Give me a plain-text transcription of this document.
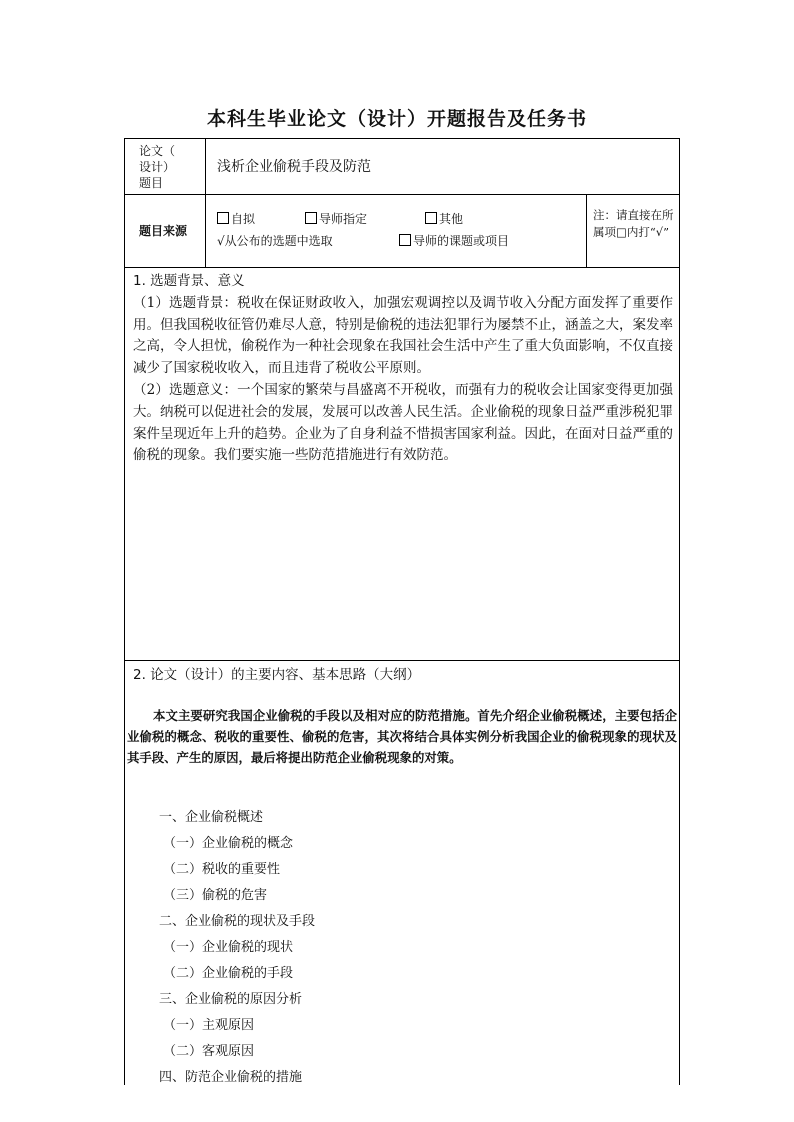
本科生毕业论文（设计）开题报告及任务书
论文（
设计）
题目
浅析企业偷税手段及防范
题目来源
自拟	导师指定	其他
√从公布的选题中选取	导师的课题或项目
注：请直接在所属项□内打“√”

1. 选题背景、意义

（1）选题背景：税收在保证财政收入，加强宏观调控以及调节收入分配方面发挥了重要作用。但我国税收征管仍难尽人意，特别是偷税的违法犯罪行为屡禁不止，涵盖之大，案发率之高，令人担忧，偷税作为一种社会现象在我国社会生活中产生了重大负面影响，不仅直接减少了国家税收收入，而且违背了税收公平原则。

（2）选题意义：一个国家的繁荣与昌盛离不开税收，而强有力的税收会让国家变得更加强大。纳税可以促进社会的发展，发展可以改善人民生活。企业偷税的现象日益严重涉税犯罪案件呈现近年上升的趋势。企业为了自身利益不惜损害国家利益。因此，在面对日益严重的偷税的现象。我们要实施一些防范措施进行有效防范。

2. 论文（设计）的主要内容、基本思路（大纲）

本文主要研究我国企业偷税的手段以及相对应的防范措施。首先介绍企业偷税概述，主要包括企业偷税的概念、税收的重要性、偷税的危害，其次将结合具体实例分析我国企业的偷税现象的现状及其手段、产生的原因，最后将提出防范企业偷税现象的对策。

一、企业偷税概述
（一）企业偷税的概念
（二）税收的重要性
（三）偷税的危害
二、企业偷税的现状及手段
（一）企业偷税的现状
（二）企业偷税的手段
三、企业偷税的原因分析
（一）主观原因
（二）客观原因
四、防范企业偷税的措施
